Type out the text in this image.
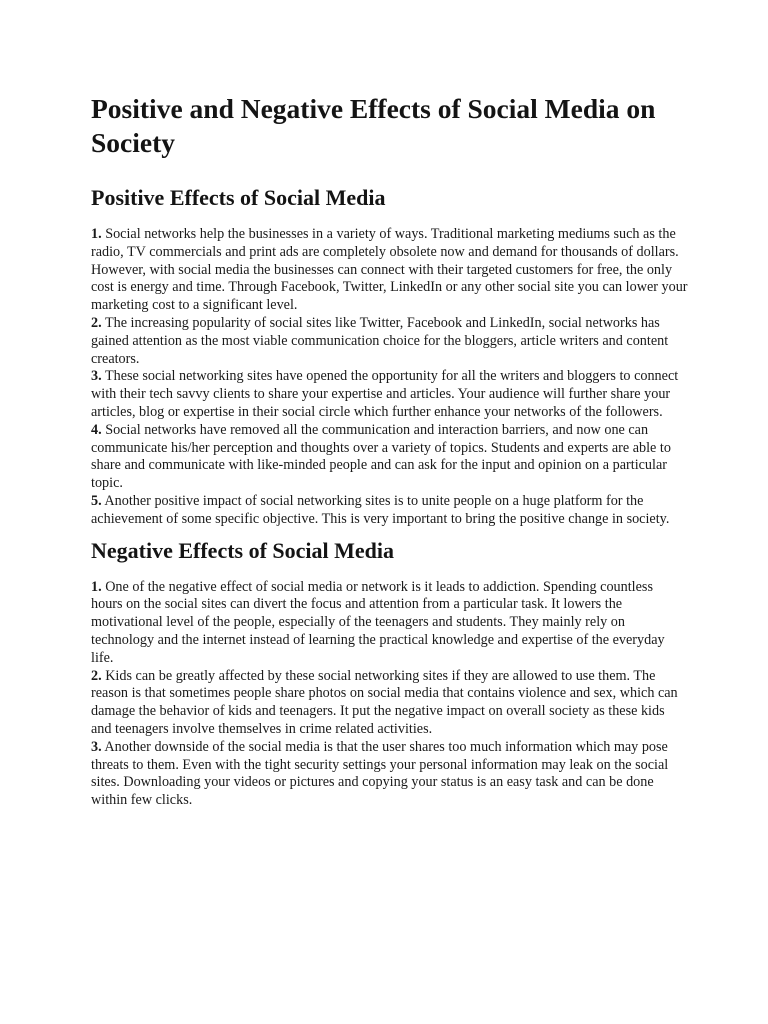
Positive and Negative Effects of Social Media on Society
Positive Effects of Social Media

1. Social networks help the businesses in a variety of ways. Traditional marketing mediums such as the radio, TV commercials and print ads are completely obsolete now and demand for thousands of dollars. However, with social media the businesses can connect with their targeted customers for free, the only cost is energy and time. Through Facebook, Twitter, LinkedIn or any other social site you can lower your marketing cost to a significant level.

2. The increasing popularity of social sites like Twitter, Facebook and LinkedIn, social networks has gained attention as the most viable communication choice for the bloggers, article writers and content creators.

3. These social networking sites have opened the opportunity for all the writers and bloggers to connect with their tech savvy clients to share your expertise and articles. Your audience will further share your articles, blog or expertise in their social circle which further enhance your networks of the followers.

4. Social networks have removed all the communication and interaction barriers, and now one can communicate his/her perception and thoughts over a variety of topics. Students and experts are able to share and communicate with like-minded people and can ask for the input and opinion on a particular topic.

5. Another positive impact of social networking sites is to unite people on a huge platform for the achievement of some specific objective. This is very important to bring the positive change in society.

Negative Effects of Social Media

1. One of the negative effect of social media or network is it leads to addiction. Spending countless hours on the social sites can divert the focus and attention from a particular task. It lowers the motivational level of the people, especially of the teenagers and students. They mainly rely on technology and the internet instead of learning the practical knowledge and expertise of the everyday life.

2. Kids can be greatly affected by these social networking sites if they are allowed to use them. The reason is that sometimes people share photos on social media that contains violence and sex, which can damage the behavior of kids and teenagers. It put the negative impact on overall society as these kids and teenagers involve themselves in crime related activities.

3. Another downside of the social media is that the user shares too much information which may pose threats to them. Even with the tight security settings your personal information may leak on the social sites. Downloading your videos or pictures and copying your status is an easy task and can be done within few clicks.
